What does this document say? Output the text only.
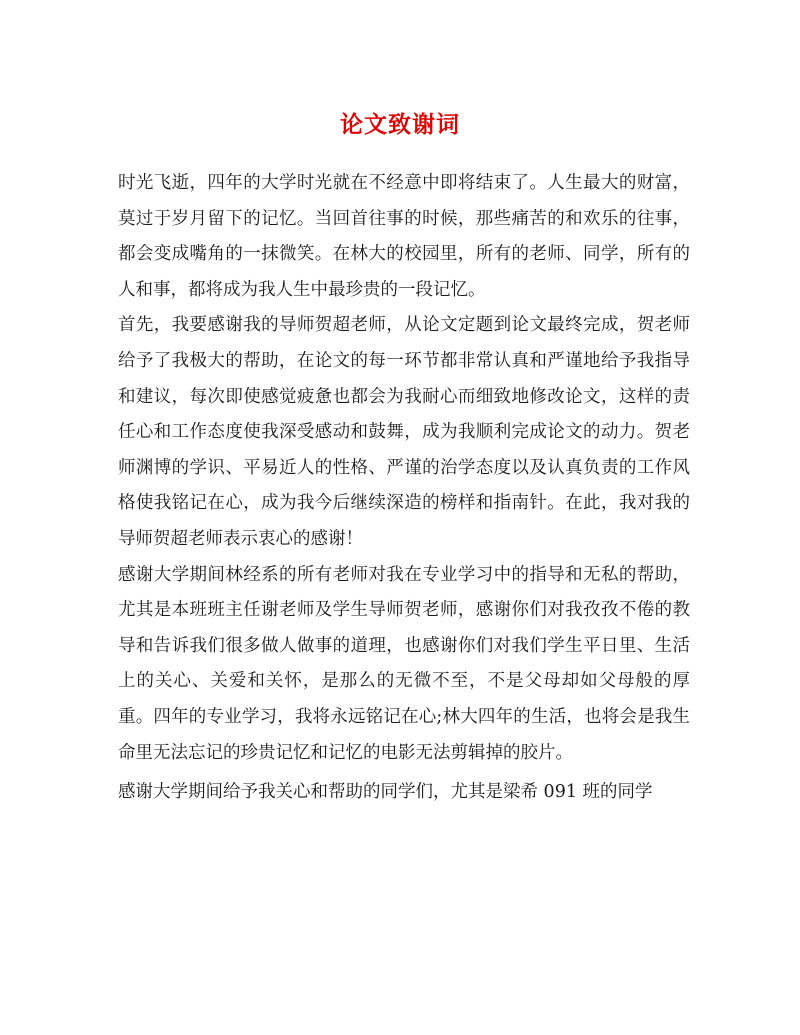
论文致谢词

时光飞逝，四年的大学时光就在不经意中即将结束了。人生最大的财富，莫过于岁月留下的记忆。当回首往事的时候，那些痛苦的和欢乐的往事，都会变成嘴角的一抹微笑。在林大的校园里，所有的老师、同学，所有的人和事，都将成为我人生中最珍贵的一段记忆。

首先，我要感谢我的导师贺超老师，从论文定题到论文最终完成，贺老师给予了我极大的帮助，在论文的每一环节都非常认真和严谨地给予我指导和建议，每次即使感觉疲惫也都会为我耐心而细致地修改论文，这样的责任心和工作态度使我深受感动和鼓舞，成为我顺利完成论文的动力。贺老师渊博的学识、平易近人的性格、严谨的治学态度以及认真负责的工作风格使我铭记在心，成为我今后继续深造的榜样和指南针。在此，我对我的导师贺超老师表示衷心的感谢！

感谢大学期间林经系的所有老师对我在专业学习中的指导和无私的帮助，尤其是本班班主任谢老师及学生导师贺老师，感谢你们对我孜孜不倦的教导和告诉我们很多做人做事的道理，也感谢你们对我们学生平日里、生活上的关心、关爱和关怀，是那么的无微不至，不是父母却如父母般的厚重。四年的专业学习，我将永远铭记在心;林大四年的生活，也将会是我生命里无法忘记的珍贵记忆和记忆的电影无法剪辑掉的胶片。

感谢大学期间给予我关心和帮助的同学们，尤其是梁希 091 班的同学
